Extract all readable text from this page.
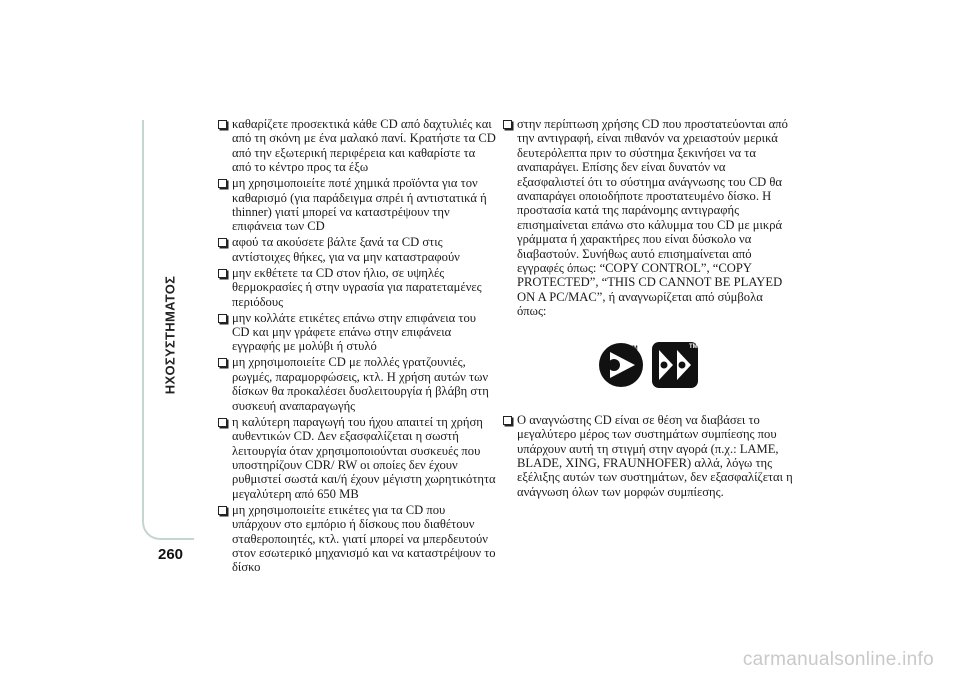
ΗΧΟΣΥΣΤΗΜΑΤΟΣ
260
καθαρίζετε προσεκτικά κάθε CD από δαχτυλιές και από τη σκόνη με ένα μαλακό πανί. Κρατήστε τα CD από την εξωτερική περιφέρεια και καθαρίστε τα από το κέντρο προς τα έξω
μη χρησιμοποιείτε ποτέ χημικά προϊόντα για τον καθαρισμό (για παράδειγμα σπρέι ή αντιστατικά ή thinner) γιατί μπορεί να καταστρέψουν την επιφάνεια των CD
αφού τα ακούσετε βάλτε ξανά τα CD στις αντίστοιχες θήκες, για να μην καταστραφούν
μην εκθέτετε τα CD στον ήλιο, σε υψηλές θερμοκρασίες ή στην υγρασία για παρατεταμένες περιόδους
μην κολλάτε ετικέτες επάνω στην επιφάνεια του CD και μην γράφετε επάνω στην επιφάνεια εγγραφής με μολύβι ή στυλό
μη χρησιμοποιείτε CD με πολλές γρατζουνιές, ρωγμές, παραμορφώσεις, κτλ. Η χρήση αυτών των δίσκων θα προκαλέσει δυσλειτουργία ή βλάβη στη συσκευή αναπαραγωγής
η καλύτερη παραγωγή του ήχου απαιτεί τη χρήση αυθεντικών CD. Δεν εξασφαλίζεται η σωστή λειτουργία όταν χρησιμοποιούνται συσκευές που υποστηρίζουν CDR/ RW οι οποίες δεν έχουν ρυθμιστεί σωστά και/ή έχουν μέγιστη χωρητικότητα μεγαλύτερη από 650 MB
μη χρησιμοποιείτε ετικέτες για τα CD που υπάρχουν στο εμπόριο ή δίσκους που διαθέτουν σταθεροποιητές, κτλ. γιατί μπορεί να μπερδευτούν στον εσωτερικό μηχανισμό και να καταστρέψουν το δίσκο
στην περίπτωση χρήσης CD που προστατεύονται από την αντιγραφή, είναι πιθανόν να χρειαστούν μερικά δευτερόλεπτα πριν το σύστημα ξεκινήσει να τα αναπαράγει. Επίσης δεν είναι δυνατόν να εξασφαλιστεί ότι το σύστημα ανάγνωσης του CD θα αναπαράγει οποιοδήποτε προστατευμένο δίσκο. Η προστασία κατά της παράνομης αντιγραφής επισημαίνεται επάνω στο κάλυμμα του CD με μικρά γράμματα ή χαρακτήρες που είναι δύσκολο να διαβαστούν. Συνήθως αυτό επισημαίνεται από εγγραφές όπως: “COPY CONTROL”, “COPY PROTECTED”, “THIS CD CANNOT BE PLAYED ON A PC/MAC”, ή αναγνωρίζεται από σύμβολα όπως:
TM	TM
Ο αναγνώστης CD είναι σε θέση να διαβάσει το μεγαλύτερο μέρος των συστημάτων συμπίεσης που υπάρχουν αυτή τη στιγμή στην αγορά (π.χ.: LAME, BLADE, XING, FRAUNHOFER) αλλά, λόγω της εξέλιξης αυτών των συστημάτων, δεν εξασφαλίζεται η ανάγνωση όλων των μορφών συμπίεσης.
carmanualsonline.info
